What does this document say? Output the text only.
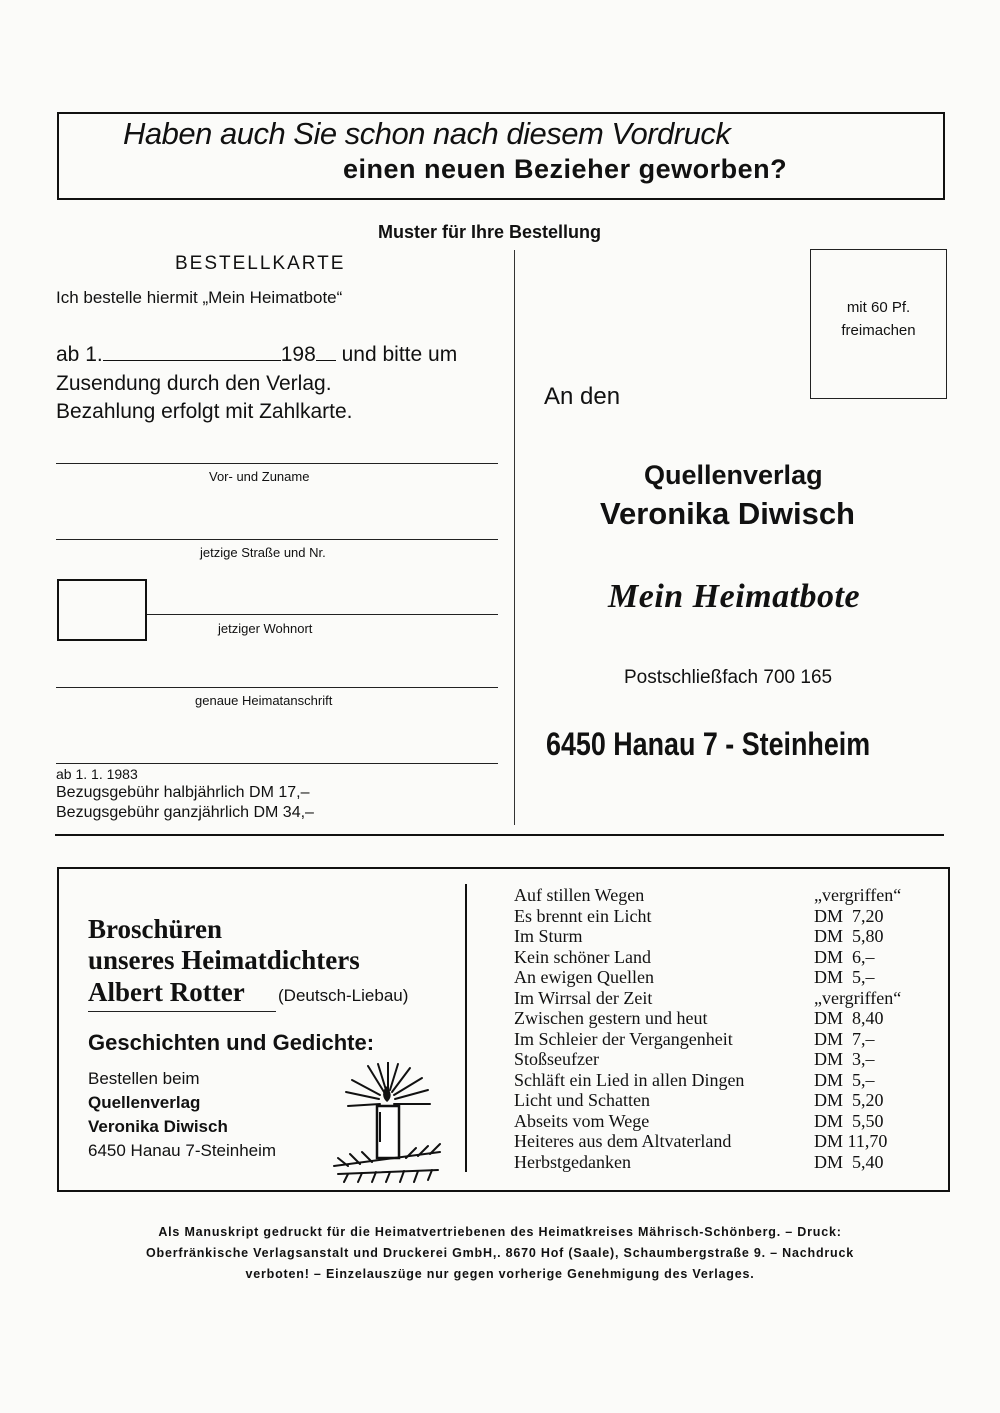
Haben auch Sie schon nach diesem Vordruck
einen neuen Bezieher geworben?
Muster für Ihre Bestellung
BESTELLKARTE
Ich bestelle hiermit „Mein Heimatbote“
ab 1.	198 und bitte um
Zusendung durch den Verlag.
Bezahlung erfolgt mit Zahlkarte.
Vor- und Zuname
jetzige Straße und Nr.
jetziger Wohnort
genaue Heimatanschrift
ab 1. 1. 1983
Bezugsgebühr halbjährlich DM 17,–
Bezugsgebühr ganzjährlich DM 34,–
mit 60 Pf.
freimachen
An den
Quellenverlag
Veronika Diwisch
Mein Heimatbote
Postschließfach 700 165
6450 Hanau 7 - Steinheim
Broschüren
unseres Heimatdichters
Albert Rotter (Deutsch-Liebau)
Geschichten und Gedichte:
Bestellen beim
Quellenverlag
Veronika Diwisch
6450 Hanau 7-Steinheim
Auf stillen Wegen	„vergriffen“
Es brennt ein Licht	DM  7,20
Im Sturm	DM  5,80
Kein schöner Land	DM  6,–
An ewigen Quellen	DM  5,–
Im Wirrsal der Zeit	„vergriffen“
Zwischen gestern und heut	DM  8,40
Im Schleier der Vergangenheit	DM  7,–
Stoßseufzer	DM  3,–
Schläft ein Lied in allen Dingen	DM  5,–
Licht und Schatten	DM  5,20
Abseits vom Wege	DM  5,50
Heiteres aus dem Altvaterland	DM 11,70
Herbstgedanken	DM  5,40
Als Manuskript gedruckt für die Heimatvertriebenen des Heimatkreises Mährisch-Schönberg. – Druck:
Oberfränkische Verlagsanstalt und Druckerei GmbH,. 8670 Hof (Saale), Schaumbergstraße 9. – Nachdruck
verboten! – Einzelauszüge nur gegen vorherige Genehmigung des Verlages.
